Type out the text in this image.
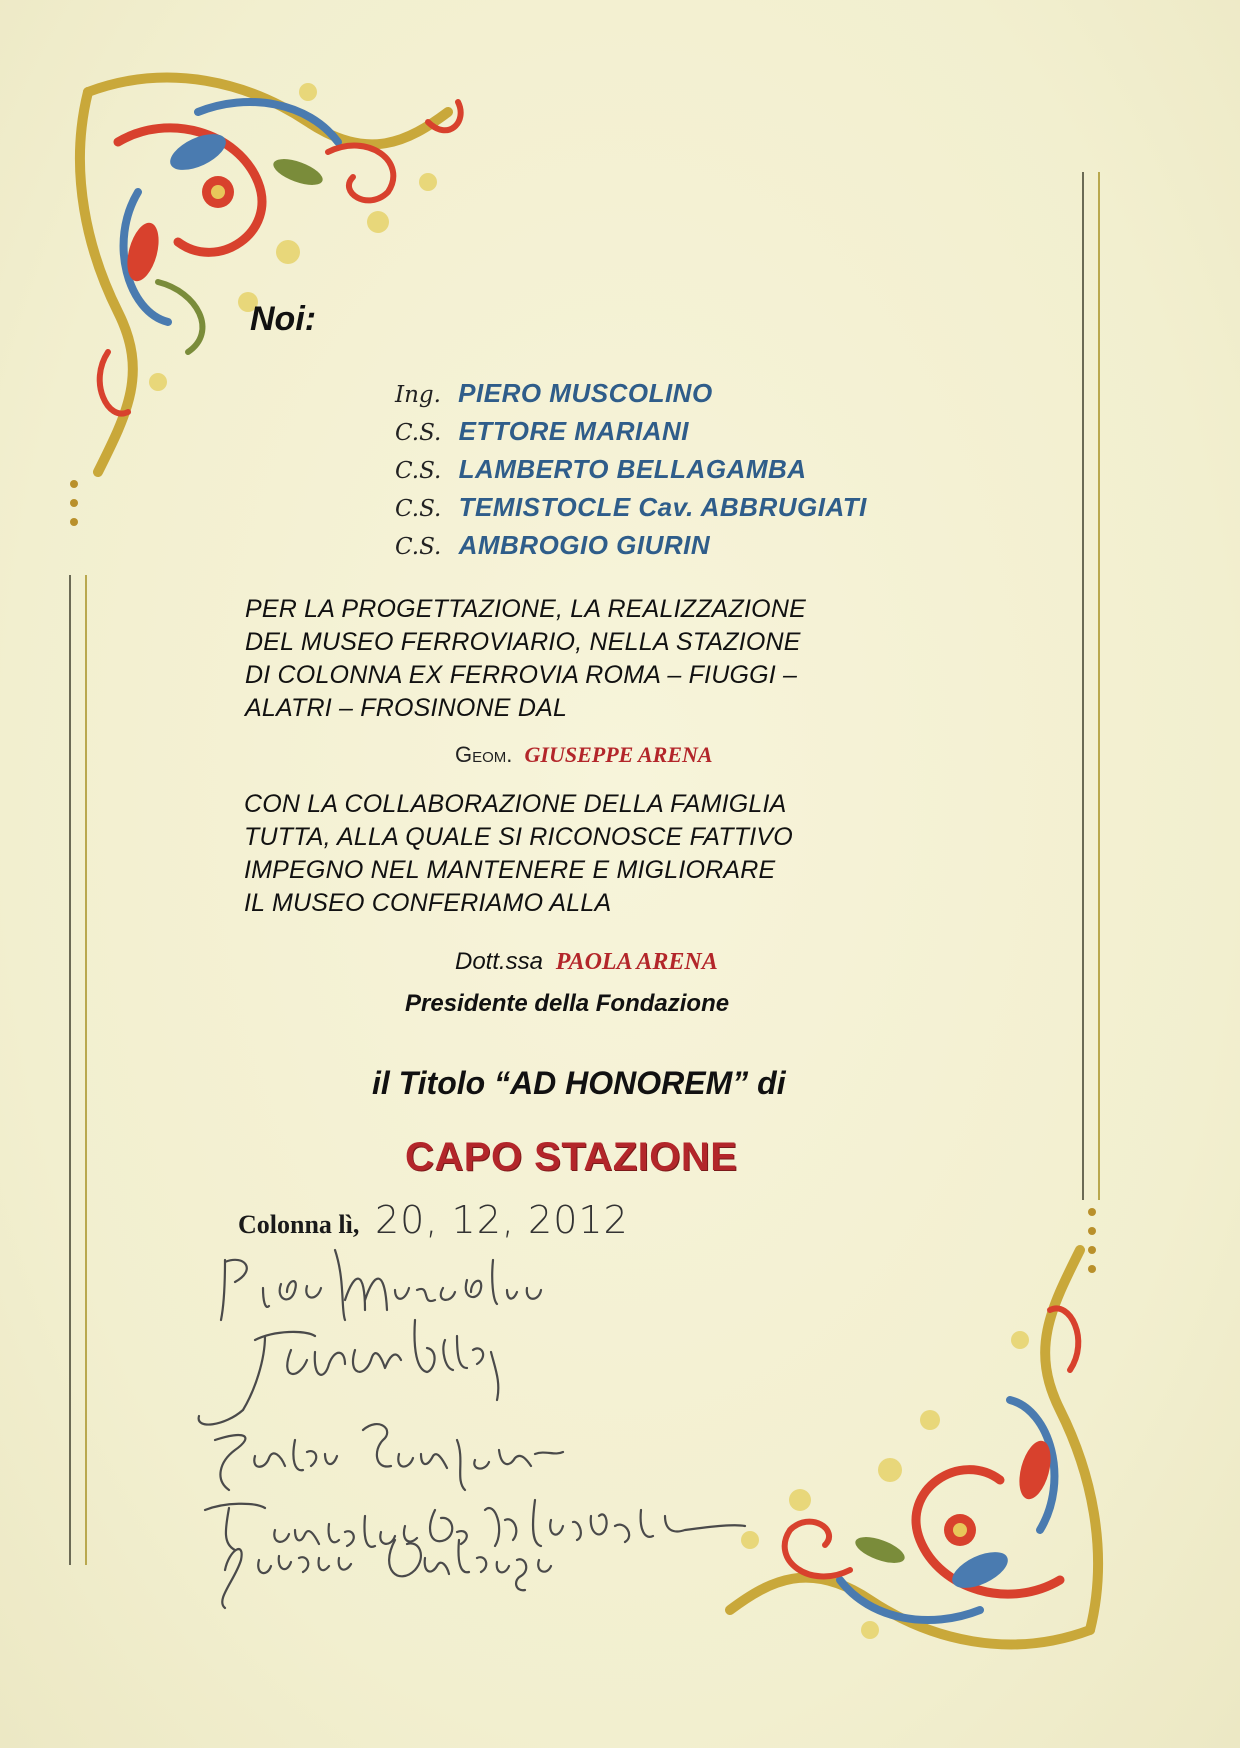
Noi:
Ing. PIERO MUSCOLINO
C.S. ETTORE MARIANI
C.S. LAMBERTO BELLAGAMBA
C.S. TEMISTOCLE Cav. ABBRUGIATI
C.S. AMBROGIO GIURIN
PER LA PROGETTAZIONE, LA REALIZZAZIONE
DEL MUSEO FERROVIARIO, NELLA STAZIONE
DI COLONNA EX FERROVIA ROMA – FIUGGI –
ALATRI – FROSINONE DAL
Geom. GIUSEPPE ARENA
CON LA COLLABORAZIONE DELLA FAMIGLIA
TUTTA, ALLA QUALE SI RICONOSCE FATTIVO
IMPEGNO NEL MANTENERE E MIGLIORARE
IL MUSEO CONFERIAMO ALLA
Dott.ssa PAOLA ARENA
Presidente della Fondazione
il Titolo “AD HONOREM” di
CAPO STAZIONE
Colonna lì, 20, 12, 2012
